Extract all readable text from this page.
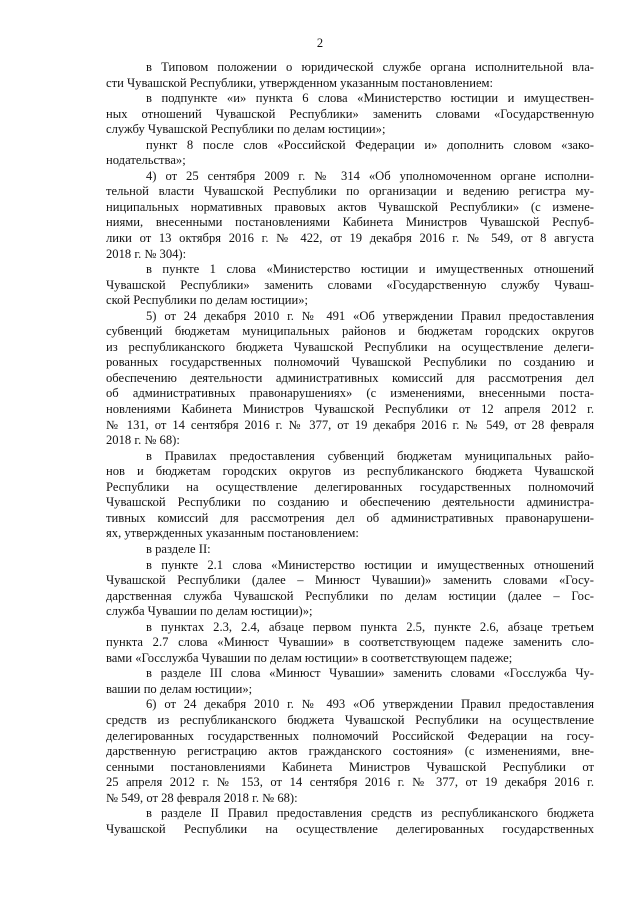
2
в Типовом положении о юридической службе органа исполнительной вла-
сти Чувашской Республики, утвержденном указанным постановлением:
в подпункте «и» пункта 6 слова «Министерство юстиции и имуществен-
ных отношений Чувашской Республики» заменить словами «Государственную
службу Чувашской Республики по делам юстиции»;
пункт 8 после слов «Российской Федерации и» дополнить словом «зако-
нодательства»;
4) от 25 сентября 2009 г. № 314 «Об уполномоченном органе исполни-
тельной власти Чувашской Республики по организации и ведению регистра му-
ниципальных нормативных правовых актов Чувашской Республики» (с измене-
ниями, внесенными постановлениями Кабинета Министров Чувашской Респуб-
лики от 13 октября 2016 г. № 422, от 19 декабря 2016 г. № 549, от 8 августа
2018 г. № 304):
в пункте 1 слова «Министерство юстиции и имущественных отношений
Чувашской Республики» заменить словами «Государственную службу Чуваш-
ской Республики по делам юстиции»;
5) от 24 декабря 2010 г. № 491 «Об утверждении Правил предоставления
субвенций бюджетам муниципальных районов и бюджетам городских округов
из республиканского бюджета Чувашской Республики на осуществление делеги-
рованных государственных полномочий Чувашской Республики по созданию и
обеспечению деятельности административных комиссий для рассмотрения дел
об административных правонарушениях» (с изменениями, внесенными поста-
новлениями Кабинета Министров Чувашской Республики от 12 апреля 2012 г.
№ 131, от 14 сентября 2016 г. № 377, от 19 декабря 2016 г. № 549, от 28 февраля
2018 г. № 68):
в Правилах предоставления субвенций бюджетам муниципальных райо-
нов и бюджетам городских округов из республиканского бюджета Чувашской
Республики на осуществление делегированных государственных полномочий
Чувашской Республики по созданию и обеспечению деятельности администра-
тивных комиссий для рассмотрения дел об административных правонарушени-
ях, утвержденных указанным постановлением:
в разделе II:
в пункте 2.1 слова «Министерство юстиции и имущественных отношений
Чувашской Республики (далее – Минюст Чувашии)» заменить словами «Госу-
дарственная служба Чувашской Республики по делам юстиции (далее – Гос-
служба Чувашии по делам юстиции)»;
в пунктах 2.3, 2.4, абзаце первом пункта 2.5, пункте 2.6, абзаце третьем
пункта 2.7 слова «Минюст Чувашии» в соответствующем падеже заменить сло-
вами «Госслужба Чувашии по делам юстиции» в соответствующем падеже;
в разделе III слова «Минюст Чувашии» заменить словами «Госслужба Чу-
вашии по делам юстиции»;
6) от 24 декабря 2010 г. № 493 «Об утверждении Правил предоставления
средств из республиканского бюджета Чувашской Республики на осуществление
делегированных государственных полномочий Российской Федерации на госу-
дарственную регистрацию актов гражданского состояния» (с изменениями, вне-
сенными постановлениями Кабинета Министров Чувашской Республики от
25 апреля 2012 г. № 153, от 14 сентября 2016 г. № 377, от 19 декабря 2016 г.
№ 549, от 28 февраля 2018 г. № 68):
в разделе II Правил предоставления средств из республиканского бюджета
Чувашской Республики на осуществление делегированных государственных
